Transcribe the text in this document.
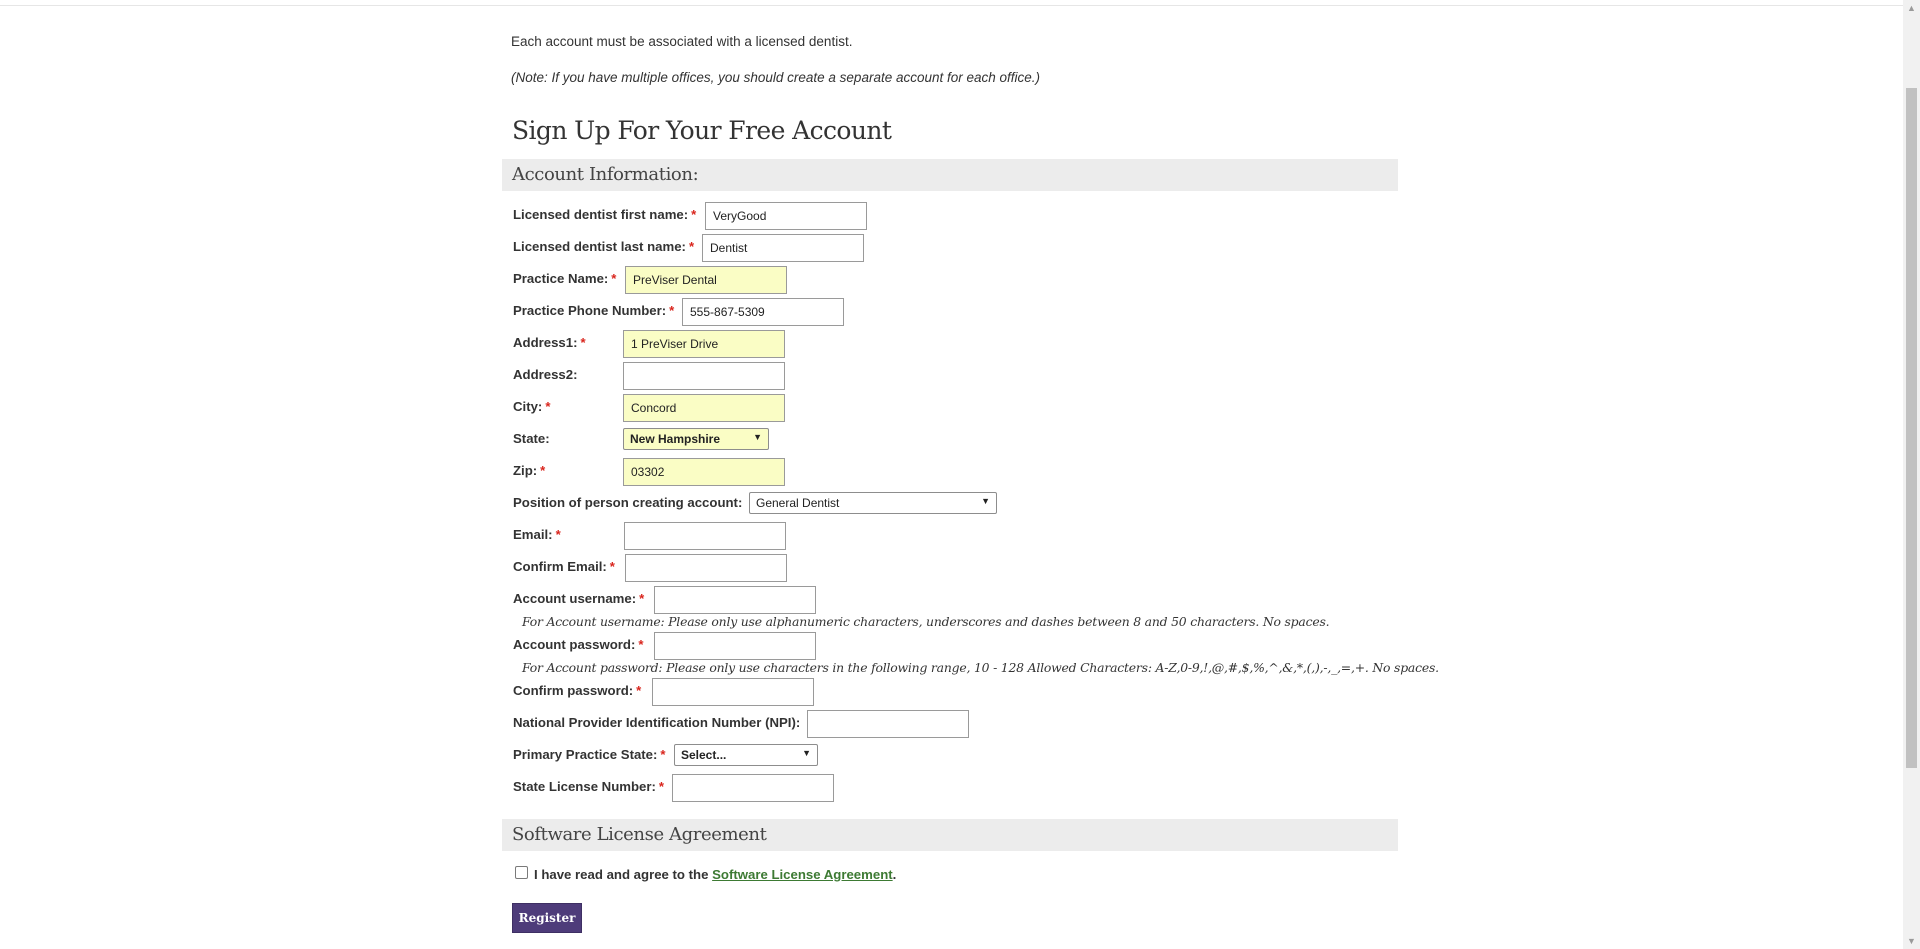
Each account must be associated with a licensed dentist.
(Note: If you have multiple offices, you should create a separate account for each office.)
Sign Up For Your Free Account
Account Information:
Licensed dentist first name: *
VeryGood
Licensed dentist last name: *
Dentist
Practice Name: *
PreViser Dental
Practice Phone Number: *
555-867-5309
Address1: *
1 PreViser Drive
Address2:
City: *
Concord
State:	New Hampshire	▼
Zip: *
03302
Position of person creating account:	General Dentist	▼
Email: *
Confirm Email: *
Account username: *
For Account username: Please only use alphanumeric characters, underscores and dashes between 8 and 50 characters. No spaces.
Account password: *
For Account password: Please only use characters in the following range, 10 - 128 Allowed Characters: A-Z,0-9,!,@,#,$,%,^,&,*,(,),-,_,=,+. No spaces.
Confirm password: *
National Provider Identification Number (NPI):
Primary Practice State: *	Select...	▼
State License Number: *
Software License Agreement
I have read and agree to the Software License Agreement.
Register
▲
▼
